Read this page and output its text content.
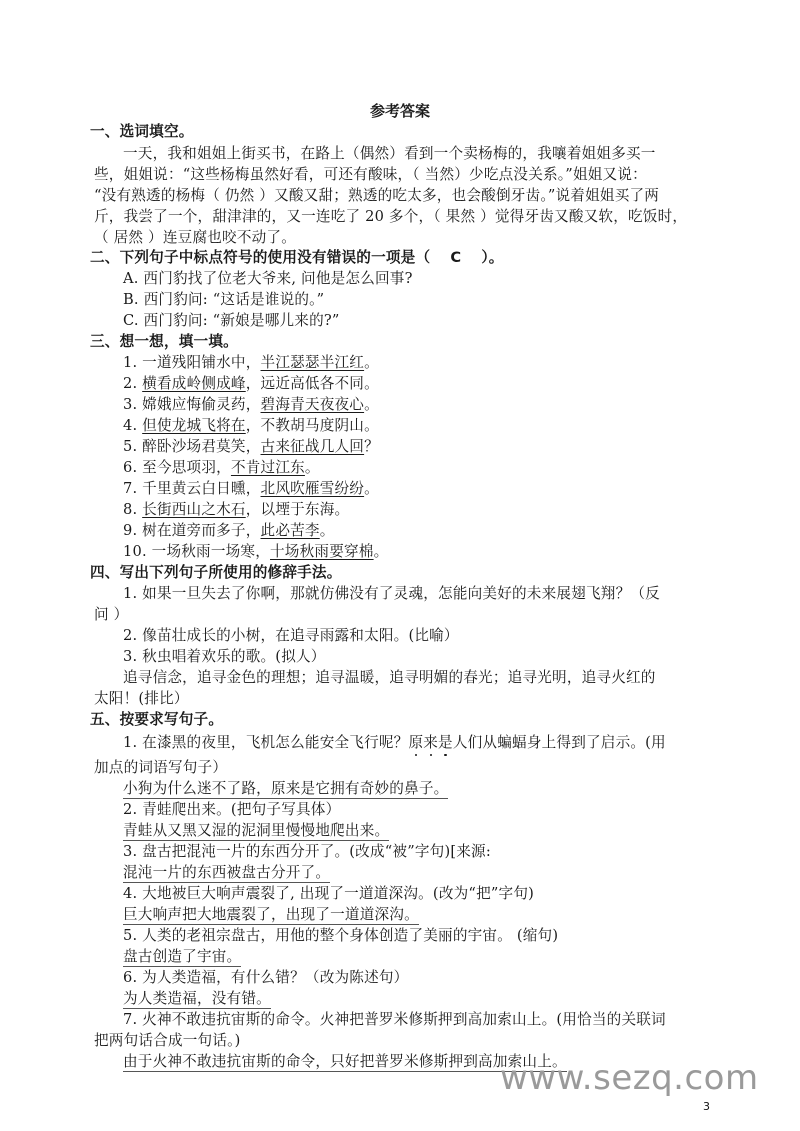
参考答案
一、选词填空。
一天，我和姐姐上街买书，在路上（偶然）看到一个卖杨梅的，我嚷着姐姐多买一
些，姐姐说：“这些杨梅虽然好看，可还有酸味，（ 当然）少吃点没关系。”姐姐又说：
“没有熟透的杨梅（ 仍然 ）又酸又甜；熟透的吃太多，也会酸倒牙齿。”说着姐姐买了两
斤，我尝了一个，甜津津的，又一连吃了 20 多个，（ 果然 ）觉得牙齿又酸又软，吃饭时，
（ 居然 ）连豆腐也咬不动了。
二、下列句子中标点符号的使用没有错误的一项是（　 C　 ）。
A. 西门豹找了位老大爷来, 问他是怎么回事?
B. 西门豹问: “这话是谁说的。”
C. 西门豹问: “新娘是哪儿来的?”
三、想一想，填一填。
1. 一道残阳铺水中，半江瑟瑟半江红。
2. 横看成岭侧成峰，远近高低各不同。
3. 嫦娥应悔偷灵药，碧海青天夜夜心。
4. 但使龙城飞将在，不教胡马度阴山。
5. 醉卧沙场君莫笑，古来征战几人回？
6. 至今思项羽，不肯过江东。
7. 千里黄云白日曛，北风吹雁雪纷纷。
8. 长街西山之木石，以堙于东海。
9. 树在道旁而多子，此必苦李。
10. 一场秋雨一场寒，十场秋雨要穿棉。
四、写出下列句子所使用的修辞手法。
1. 如果一旦失去了你啊，那就仿佛没有了灵魂，怎能向美好的未来展翅飞翔？（反
问 ）
2. 像苗壮成长的小树，在追寻雨露和太阳。(比喻）
3. 秋虫唱着欢乐的歌。(拟人）
追寻信念，追寻金色的理想；追寻温暖，追寻明媚的春光；追寻光明，追寻火红的
太阳！(排比）
五、按要求写句子。
1. 在漆黑的夜里，飞机怎么能安全飞行呢？原来是人们从蝙蝠身上得到了启示。(用
加点的词语写句子）
小狗为什么迷不了路，原来是它拥有奇妙的鼻子。
2. 青蛙爬出来。(把句子写具体）
青蛙从又黑又湿的泥洞里慢慢地爬出来。
3. 盘古把混沌一片的东西分开了。(改成“被”字句)[来源:
混沌一片的东西被盘古分开了。
4. 大地被巨大响声震裂了, 出现了一道道深沟。(改为“把”字句)
巨大响声把大地震裂了，出现了一道道深沟。
5. 人类的老祖宗盘古，用他的整个身体创造了美丽的宇宙。 (缩句)
盘古创造了宇宙。
6. 为人类造福，有什么错？（改为陈述句）
为人类造福，没有错。
7. 火神不敢违抗宙斯的命令。火神把普罗米修斯押到高加索山上。(用恰当的关联词
把两句话合成一句话。)
由于火神不敢违抗宙斯的命令，只好把普罗米修斯押到高加索山上。
www.sezq.com
3
